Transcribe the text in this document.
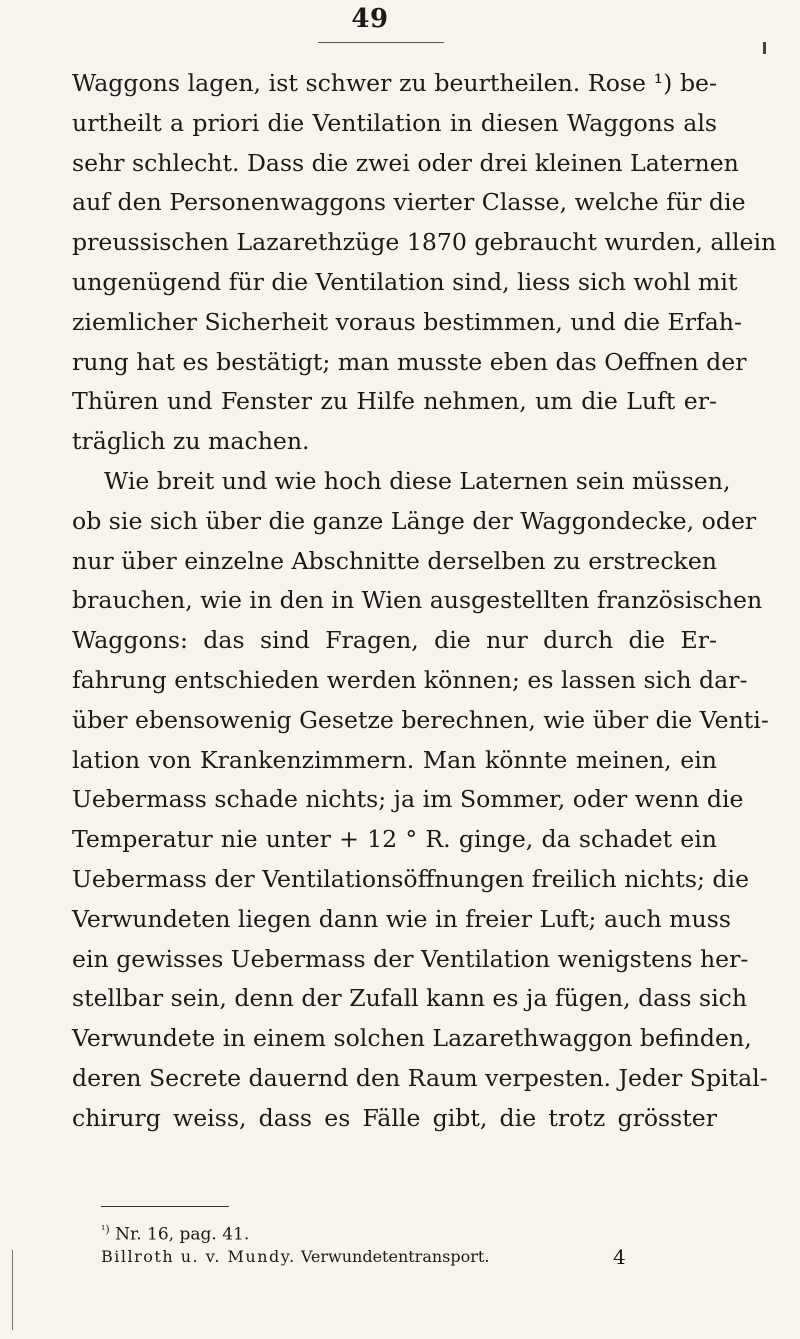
49
Waggons lagen, ist schwer zu beurtheilen. Rose ¹) be-
urtheilt a priori die Ventilation in diesen Waggons als
sehr schlecht. Dass die zwei oder drei kleinen Laternen
auf den Personenwaggons vierter Classe, welche für die
preussischen Lazarethzüge 1870 gebraucht wurden, allein
ungenügend für die Ventilation sind, liess sich wohl mit
ziemlicher Sicherheit voraus bestimmen, und die Erfah-
rung hat es bestätigt; man musste eben das Oeffnen der
Thüren und Fenster zu Hilfe nehmen, um die Luft er-
träglich zu machen.
Wie breit und wie hoch diese Laternen sein müssen,
ob sie sich über die ganze Länge der Waggondecke, oder
nur über einzelne Abschnitte derselben zu erstrecken
brauchen, wie in den in Wien ausgestellten französischen
Waggons: das sind Fragen, die nur durch die Er-
fahrung entschieden werden können; es lassen sich dar-
über ebensowenig Gesetze berechnen, wie über die Venti-
lation von Krankenzimmern. Man könnte meinen, ein
Uebermass schade nichts; ja im Sommer, oder wenn die
Temperatur nie unter + 12 ° R. ginge, da schadet ein
Uebermass der Ventilationsöffnungen freilich nichts; die
Verwundeten liegen dann wie in freier Luft; auch muss
ein gewisses Uebermass der Ventilation wenigstens her-
stellbar sein, denn der Zufall kann es ja fügen, dass sich
Verwundete in einem solchen Lazarethwaggon befinden,
deren Secrete dauernd den Raum verpesten. Jeder Spital-
chirurg weiss, dass es Fälle gibt, die trotz grösster
$^{^1)}$ Nr. 16, pag. 41.
Billroth u. v. Mundy. Verwundetentransport.	4
